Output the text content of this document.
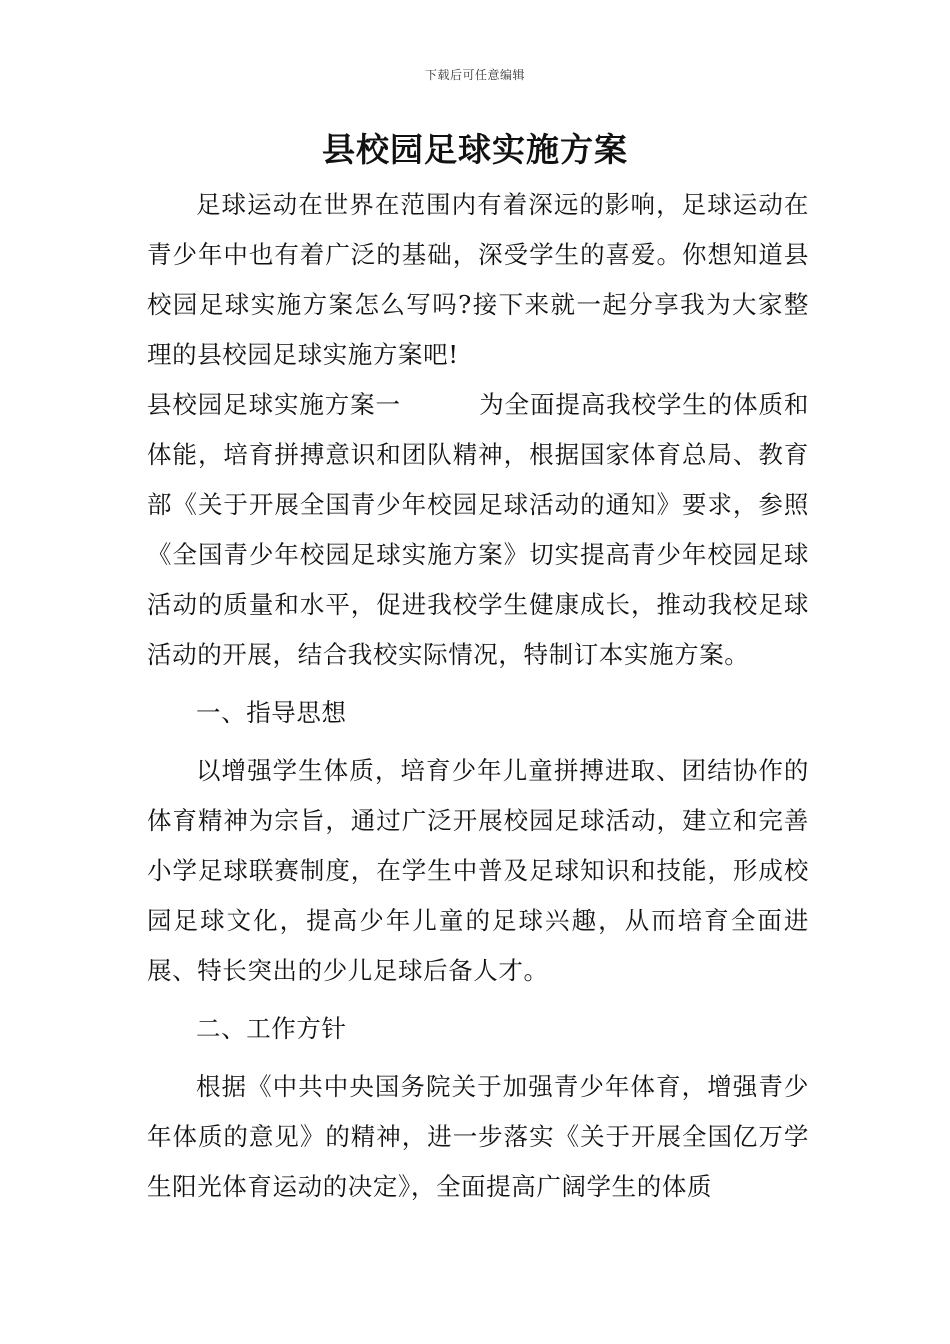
下载后可任意编辑
县校园足球实施方案

足球运动在世界在范围内有着深远的影响，足球运动在青少年中也有着广泛的基础，深受学生的喜爱。你想知道县校园足球实施方案怎么写吗?接下来就一起分享我为大家整理的县校园足球实施方案吧!

县校园足球实施方案一	为全面提高我校学生的体质和体能，培育拼搏意识和团队精神，根据国家体育总局、教育部《关于开展全国青少年校园足球活动的通知》要求，参照《全国青少年校园足球实施方案》切实提高青少年校园足球活动的质量和水平，促进我校学生健康成长，推动我校足球活动的开展，结合我校实际情况，特制订本实施方案。

一、指导思想

以增强学生体质，培育少年儿童拼搏进取、团结协作的体育精神为宗旨，通过广泛开展校园足球活动，建立和完善小学足球联赛制度，在学生中普及足球知识和技能，形成校园足球文化，提高少年儿童的足球兴趣，从而培育全面进展、特长突出的少儿足球后备人才。

二、工作方针

根据《中共中央国务院关于加强青少年体育，增强青少年体质的意见》的精神，进一步落实《关于开展全国亿万学生阳光体育运动的决定》，全面提高广阔学生的体质
